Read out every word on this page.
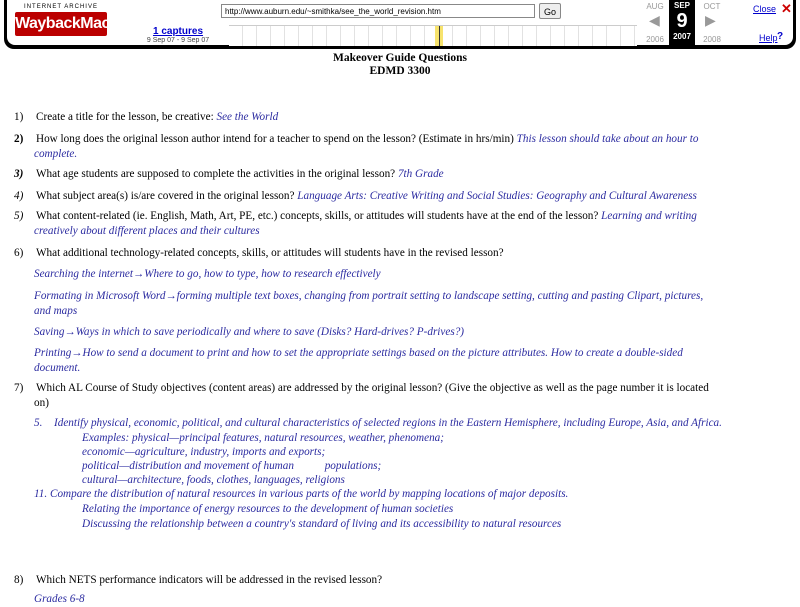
INTERNET ARCHIVE
WaybackMachine
http://www.auburn.edu/~smithka/see_the_world_revision.htm	Go
1 captures
9 Sep 07 - 9 Sep 07
AUG
◀
2006
SEP
9
2007
OCT
▶
2008
Close ✕
Help ?
Makeover Guide Questions
EDMD 3300
1) Create a title for the lesson, be creative: See the World
2) How long does the original lesson author intend for a teacher to spend on the lesson? (Estimate in hrs/min) This lesson should take about an hour to
complete.
3) What age students are supposed to complete the activities in the original lesson? 7th Grade
4) What subject area(s) is/are covered in the original lesson? Language Arts: Creative Writing and Social Studies: Geography and Cultural Awareness
5) What content-related (ie. English, Math, Art, PE, etc.) concepts, skills, or attitudes will students have at the end of the lesson? Learning and writing
creatively about different places and their cultures
6) What additional technology-related concepts, skills, or attitudes will students have in the revised lesson?
Searching the internet→Where to go, how to type, how to research effectively
Formating in Microsoft Word→forming multiple text boxes, changing from portrait setting to landscape setting, cutting and pasting Clipart, pictures,
and maps
Saving→Ways in which to save periodically and where to save (Disks? Hard-drives? P-drives?)
Printing→How to send a document to print and how to set the appropriate settings based on the picture attributes. How to create a double-sided
document.
7) Which AL Course of Study objectives (content areas) are addressed by the original lesson? (Give the objective as well as the page number it is located
on)
5. Identify physical, economic, political, and cultural characteristics of selected regions in the Eastern Hemisphere, including Europe, Asia, and Africa.
Examples: physical—principal features, natural resources, weather, phenomena;
economic—agriculture, industry, imports and exports;
political—distribution and movement of human           populations;
cultural—architecture, foods, clothes, languages, religions
11. Compare the distribution of natural resources in various parts of the world by mapping locations of major deposits.
Relating the importance of energy resources to the development of human societies
Discussing the relationship between a country's standard of living and its accessibility to natural resources
8) Which NETS performance indicators will be addressed in the revised lesson?
Grades 6-8
